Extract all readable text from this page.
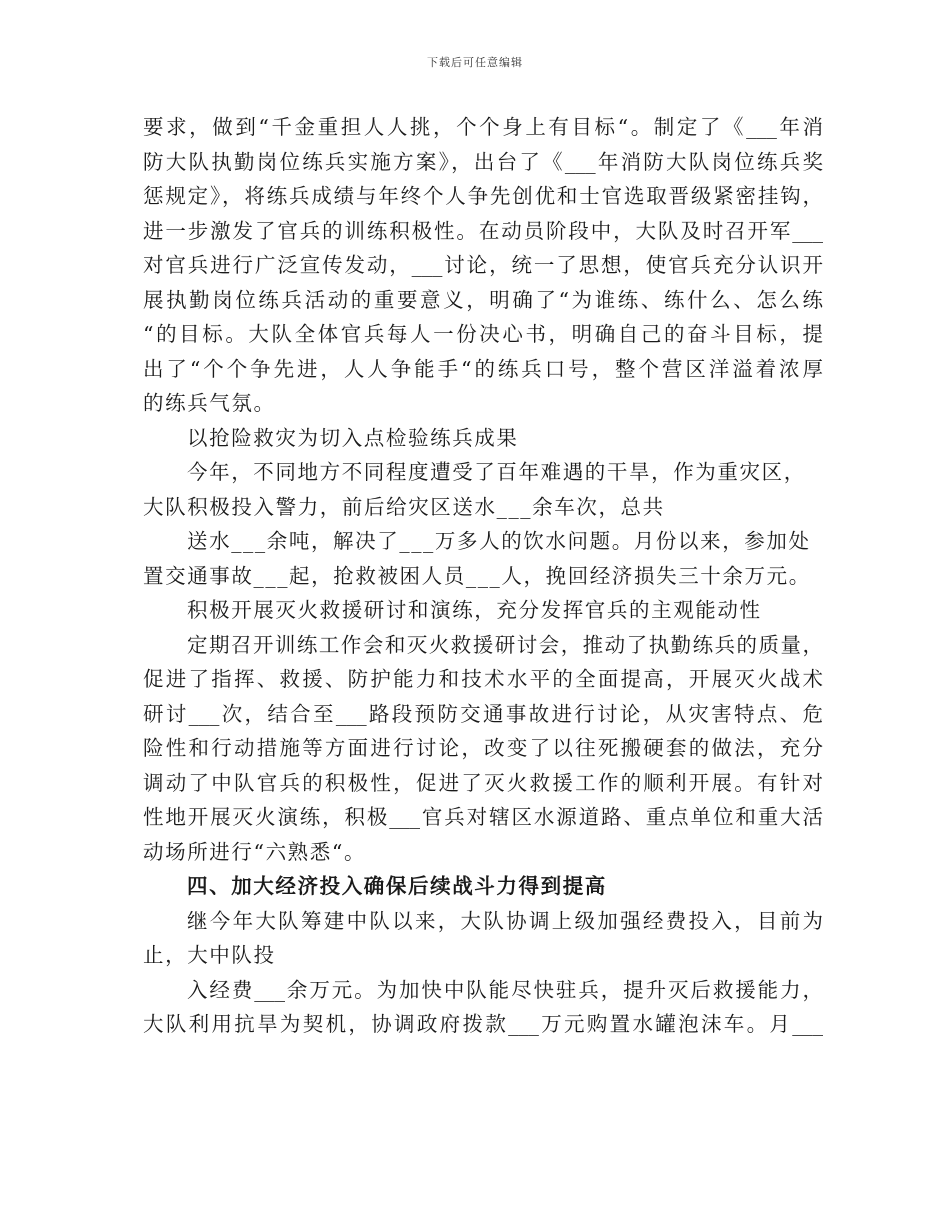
下载后可任意编辑
要求，做到“千金重担人人挑，个个身上有目标“。制定了《___年消
防大队执勤岗位练兵实施方案》，出台了《___年消防大队岗位练兵奖
惩规定》，将练兵成绩与年终个人争先创优和士官选取晋级紧密挂钩，
进一步激发了官兵的训练积极性。在动员阶段中，大队及时召开军___
对官兵进行广泛宣传发动，___讨论，统一了思想，使官兵充分认识开
展执勤岗位练兵活动的重要意义，明确了“为谁练、练什么、怎么练
“的目标。大队全体官兵每人一份决心书，明确自己的奋斗目标，提
出了“个个争先进，人人争能手“的练兵口号，整个营区洋溢着浓厚
的练兵气氛。
以抢险救灾为切入点检验练兵成果
今年，不同地方不同程度遭受了百年难遇的干旱，作为重灾区，
大队积极投入警力，前后给灾区送水___余车次，总共
送水___余吨，解决了___万多人的饮水问题。月份以来，参加处
置交通事故___起，抢救被困人员___人，挽回经济损失三十余万元。
积极开展灭火救援研讨和演练，充分发挥官兵的主观能动性
定期召开训练工作会和灭火救援研讨会，推动了执勤练兵的质量，
促进了指挥、救援、防护能力和技术水平的全面提高，开展灭火战术
研讨___次，结合至___路段预防交通事故进行讨论，从灾害特点、危
险性和行动措施等方面进行讨论，改变了以往死搬硬套的做法，充分
调动了中队官兵的积极性，促进了灭火救援工作的顺利开展。有针对
性地开展灭火演练，积极___官兵对辖区水源道路、重点单位和重大活
动场所进行“六熟悉“。
四、加大经济投入确保后续战斗力得到提高
继今年大队筹建中队以来，大队协调上级加强经费投入，目前为
止，大中队投
入经费___余万元。为加快中队能尽快驻兵，提升灭后救援能力，
大队利用抗旱为契机，协调政府拨款___万元购置水罐泡沫车。月___
